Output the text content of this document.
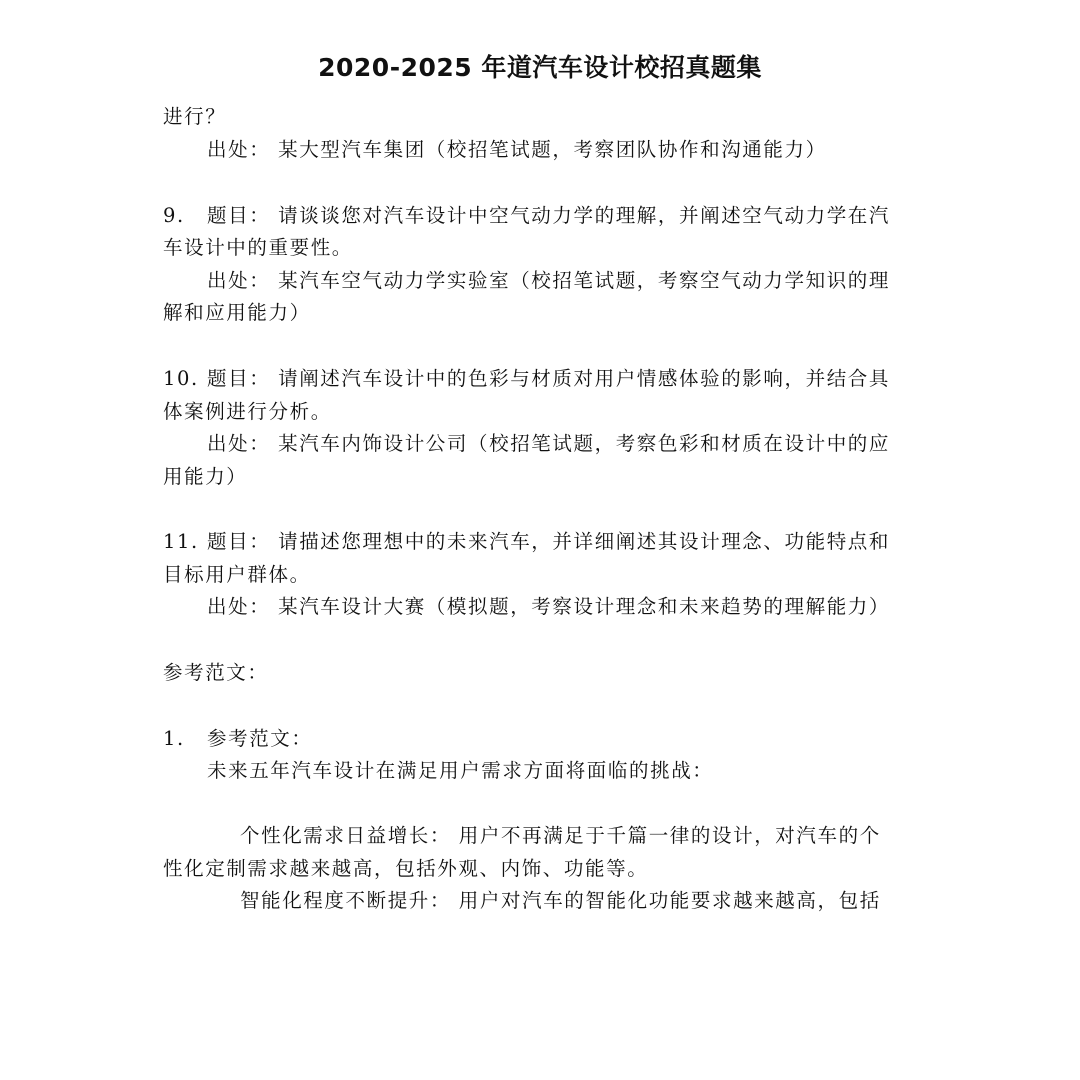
2020-2025 年道汽车设计校招真题集

进行？

出处： 某大型汽车集团（校招笔试题，考察团队协作和沟通能力）

9. 题目： 请谈谈您对汽车设计中空气动力学的理解，并阐述空气动力学在汽

车设计中的重要性。

出处： 某汽车空气动力学实验室（校招笔试题，考察空气动力学知识的理

解和应用能力）

10. 题目： 请阐述汽车设计中的色彩与材质对用户情感体验的影响，并结合具

体案例进行分析。

出处： 某汽车内饰设计公司（校招笔试题，考察色彩和材质在设计中的应

用能力）

11. 题目： 请描述您理想中的未来汽车，并详细阐述其设计理念、功能特点和

目标用户群体。

出处： 某汽车设计大赛（模拟题，考察设计理念和未来趋势的理解能力）

参考范文：

1. 参考范文：

未来五年汽车设计在满足用户需求方面将面临的挑战：

个性化需求日益增长： 用户不再满足于千篇一律的设计，对汽车的个

性化定制需求越来越高，包括外观、内饰、功能等。

智能化程度不断提升： 用户对汽车的智能化功能要求越来越高，包括
